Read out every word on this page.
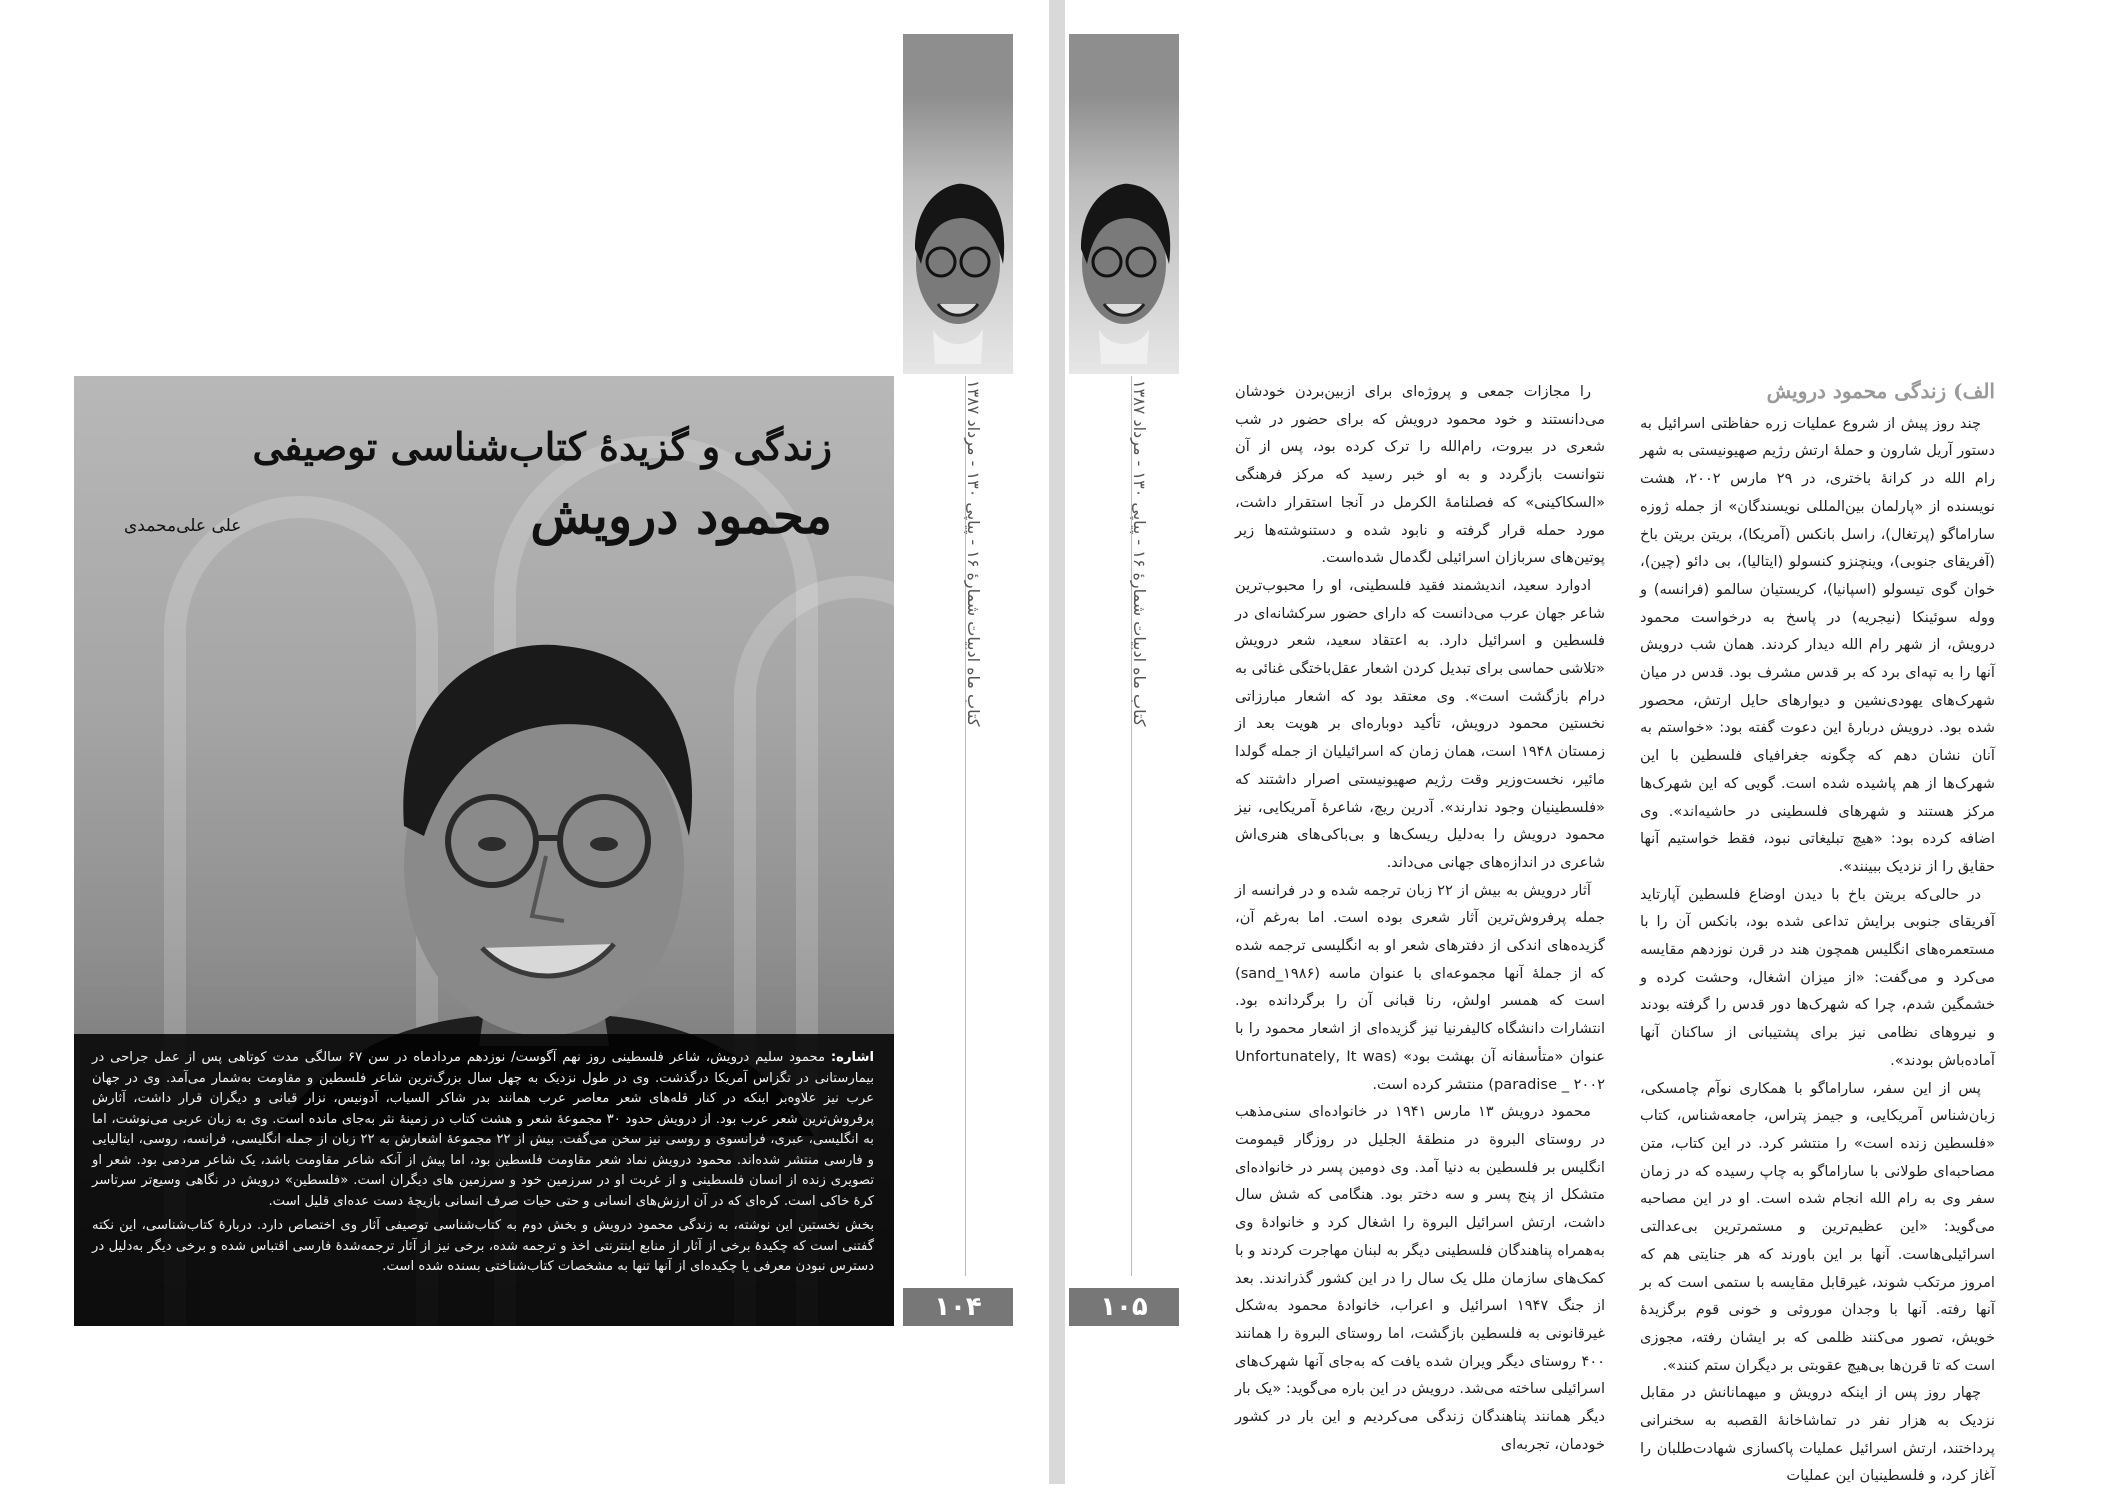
زندگی و گزیدهٔ کتاب‌شناسی توصیفی
محمود درویش
علی علی‌محمدی

اشاره: محمود سلیم درویش، شاعر فلسطینی روز نهم آگوست/ نوزدهم مردادماه در سن ۶۷ سالگی مدت کوتاهی پس از عمل جراحی در بیمارستانی در تگزاس آمریکا درگذشت. وی در طول نزدیک به چهل سال بزرگ‌ترین شاعر فلسطین و مقاومت به‌شمار می‌آمد. وی در جهان عرب نیز علاوه‌بر اینکه در کنار قله‌های شعر معاصر عرب همانند بدر شاکر السیاب، آدونیس، نزار قبانی و دیگران قرار داشت، آثارش پرفروش‌ترین شعر عرب بود. از درویش حدود ۳۰ مجموعهٔ شعر و هشت کتاب در زمینهٔ نثر به‌جای مانده است. وی به زبان عربی می‌نوشت، اما به انگلیسی، عبری، فرانسوی و روسی نیز سخن می‌گفت. بیش از ۲۲ مجموعهٔ اشعارش به ۲۲ زبان از جمله انگلیسی، فرانسه، روسی، ایتالیایی و فارسی منتشر شده‌اند. محمود درویش نماد شعر مقاومت فلسطین بود، اما پیش از آنکه شاعر مقاومت باشد، یک شاعر مردمی بود. شعر او تصویری زنده از انسان فلسطینی و از غربت او در سرزمین خود و سرزمین های دیگران است. «فلسطین» درویش در نگاهی وسیع‌تر سرتاسر کرهٔ خاکی است. کره‌ای که در آن ارزش‌های انسانی و حتی حیات صرف انسانی بازیچهٔ دست عده‌ای قلیل است.

بخش نخستین این نوشته، به زندگی محمود درویش و بخش دوم به کتاب‌شناسی توصیفی آثار وی اختصاص دارد. دربارهٔ کتاب‌شناسی، این نکته گفتنی است که چکیدهٔ برخی از آثار از منابع اینترنتی اخذ و ترجمه شده، برخی نیز از آثار ترجمه‌شدهٔ فارسی اقتباس شده و برخی دیگر به‌دلیل در دسترس نبودن معرفی یا چکیده‌ای از آنها تنها به مشخصات کتاب‌شناختی بسنده شده است.

کتاب ماه ادبیات شمارهٔ ۱۶ - پیاپی ۱۳۰ - مرداد ۱۳۸۷
۱۰۴
کتاب ماه ادبیات شمارهٔ ۱۶ - پیاپی ۱۳۰ - مرداد ۱۳۸۷
۱۰۵
الف) زندگی محمود درویش

چند روز پیش از شروع عملیات زره حفاظتی اسرائیل به دستور آریل شارون و حملهٔ ارتش رژیم صهیونیستی به شهر رام الله در کرانهٔ باختری، در ۲۹ مارس ۲۰۰۲، هشت نویسنده از «پارلمان بین‌المللی نویسندگان» از جمله ژوزه ساراماگو (پرتغال)، راسل بانکس (آمریکا)، بریتن بریتن باخ (آفریقای جنوبی)، وینچنزو کنسولو (ایتالیا)، بی دائو (چین)، خوان گوی تیسولو (اسپانیا)، کریستیان سالمو (فرانسه) و ووله سوئینکا (نیجریه) در پاسخ به درخواست محمود درویش، از شهر رام الله دیدار کردند. همان شب درویش آنها را به تپه‌ای برد که بر قدس مشرف بود. قدس در میان شهرک‌های یهودی‌نشین و دیوارهای حایل ارتش، محصور شده بود. درویش دربارهٔ این دعوت گفته بود: «خواستم به آنان نشان دهم که چگونه جغرافیای فلسطین با این شهرک‌ها از هم پاشیده شده است. گویی که این شهرک‌ها مرکز هستند و شهرهای فلسطینی در حاشیه‌اند». وی اضافه کرده بود: «هیچ تبلیغاتی نبود، فقط خواستیم آنها حقایق را از نزدیک ببینند».

در حالی‌که بریتن باخ با دیدن اوضاع فلسطین آپارتاید آفریقای جنوبی برایش تداعی شده بود، بانکس آن را با مستعمره‌های انگلیس همچون هند در قرن نوزدهم مقایسه می‌کرد و می‌گفت: «از میزان اشغال، وحشت کرده و خشمگین شدم، چرا که شهرک‌ها دور قدس را گرفته بودند و نیروهای نظامی نیز برای پشتیبانی از ساکنان آنها آماده‌باش بودند».

پس از این سفر، ساراماگو با همکاری نوآم چامسکی، زبان‌شناس آمریکایی، و جیمز پتراس، جامعه‌شناس، کتاب «فلسطین زنده است» را منتشر کرد. در این کتاب، متن مصاحبه‌ای طولانی با ساراماگو به چاپ رسیده که در زمان سفر وی به رام الله انجام شده است. او در این مصاحبه می‌گوید: «این عظیم‌ترین و مستمرترین بی‌عدالتی اسرائیلی‌هاست. آنها بر این باورند که هر جنایتی هم که امروز مرتکب شوند، غیرقابل مقایسه با ستمی است که بر آنها رفته. آنها با وجدان موروثی و خونی قوم برگزیدهٔ خویش، تصور می‌کنند ظلمی که بر ایشان رفته، مجوزی است که تا قرن‌ها بی‌هیچ عقوبتی بر دیگران ستم کنند».

چهار روز پس از اینکه درویش و میهمانانش در مقابل نزدیک به هزار نفر در تماشاخانهٔ القصبه به سخنرانی پرداختند، ارتش اسرائیل عملیات پاکسازی شهادت‌طلبان را آغاز کرد، و فلسطینیان این عملیات

را مجازات جمعی و پروژه‌ای برای ازبین‌بردن خودشان می‌دانستند و خود محمود درویش که برای حضور در شب شعری در بیروت، رام‌الله را ترک کرده بود، پس از آن نتوانست بازگردد و به او خبر رسید که مرکز فرهنگی «السکاکینی» که فصلنامهٔ الکرمل در آنجا استقرار داشت، مورد حمله قرار گرفته و نابود شده و دستنوشته‌ها زیر پوتین‌های سربازان اسرائیلی لگدمال شده‌است.

ادوارد سعید، اندیشمند فقید فلسطینی، او را محبوب‌ترین شاعر جهان عرب می‌دانست که دارای حضور سرکشانه‌ای در فلسطین و اسرائیل دارد. به اعتقاد سعید، شعر درویش «تلاشی حماسی برای تبدیل کردن اشعار عقل‌باختگی غنائی به درام بازگشت است». وی معتقد بود که اشعار مبارزاتی نخستین محمود درویش، تأکید دوباره‌ای بر هویت بعد از زمستان ۱۹۴۸ است، همان زمان که اسرائیلیان از جمله گولدا مائیر، نخست‌وزیر وقت رژیم صهیونیستی اصرار داشتند که «فلسطینیان وجود ندارند». آدرین ریچ، شاعرهٔ آمریکایی، نیز محمود درویش را به‌دلیل ریسک‌ها و بی‌باکی‌های هنری‌اش شاعری در اندازه‌های جهانی می‌داند.

آثار درویش به بیش از ۲۲ زبان ترجمه شده و در فرانسه از جمله پرفروش‌ترین آثار شعری بوده است. اما به‌رغم آن، گزیده‌های اندکی از دفترهای شعر او به انگلیسی ترجمه شده که از جملهٔ آنها مجموعه‌ای با عنوان ماسه (sand_۱۹۸۶) است که همسر اولش، رنا قبانی آن را برگردانده بود. انتشارات دانشگاه کالیفرنیا نیز گزیده‌ای از اشعار محمود را با عنوان «متأسفانه آن بهشت بود» (Unfortunately, It was paradise _ ۲۰۰۲) منتشر کرده است.

محمود درویش ۱۳ مارس ۱۹۴۱ در خانواده‌ای سنی‌مذهب در روستای البروة در منطقهٔ الجلیل در روزگار قیمومت انگلیس بر فلسطین به دنیا آمد. وی دومین پسر در خانواده‌ای متشکل از پنج پسر و سه دختر بود. هنگامی که شش سال داشت، ارتش اسرائیل البروة را اشغال کرد و خانوادهٔ وی به‌همراه پناهندگان فلسطینی دیگر به لبنان مهاجرت کردند و با کمک‌های سازمان ملل یک سال را در این کشور گذراندند. بعد از جنگ ۱۹۴۷ اسرائیل و اعراب، خانوادهٔ محمود به‌شکل غیرقانونی به فلسطین بازگشت، اما روستای البروة را همانند ۴۰۰ روستای دیگر ویران شده یافت که به‌جای آنها شهرک‌های اسرائیلی ساخته می‌شد. درویش در این باره می‌گوید: «یک بار دیگر همانند پناهندگان زندگی می‌کردیم و این بار در کشور خودمان، تجربه‌ای
